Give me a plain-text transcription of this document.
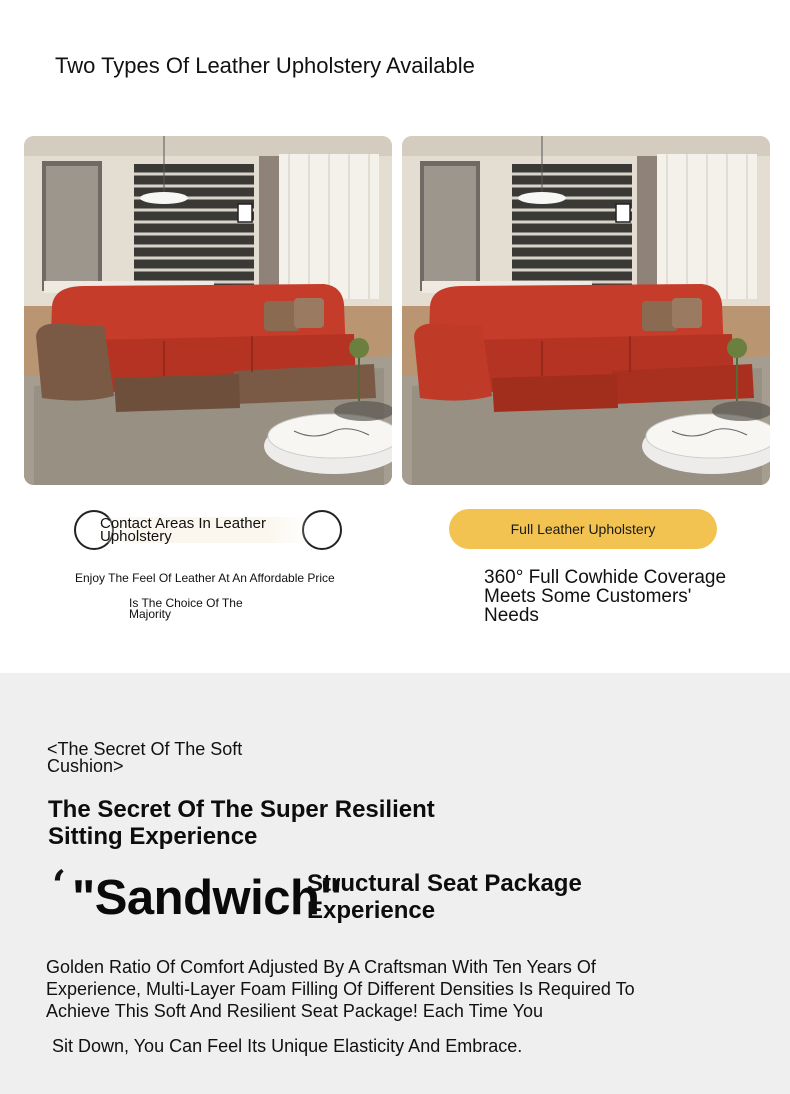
Two Types Of Leather Upholstery Available
Contact Areas In Leather Upholstery
Enjoy The Feel Of Leather At An Affordable Price
Is The Choice Of The Majority
Full Leather Upholstery
360° Full Cowhide Coverage Meets Some Customers' Needs
<The Secret Of The Soft Cushion>
The Secret Of The Super Resilient Sitting Experience
‘ "Sandwich"
Structural Seat Package Experience
Golden Ratio Of Comfort Adjusted By A Craftsman With Ten Years Of Experience, Multi-Layer Foam Filling Of Different Densities Is Required To Achieve This Soft And Resilient Seat Package! Each Time You
Sit Down, You Can Feel Its Unique Elasticity And Embrace.
